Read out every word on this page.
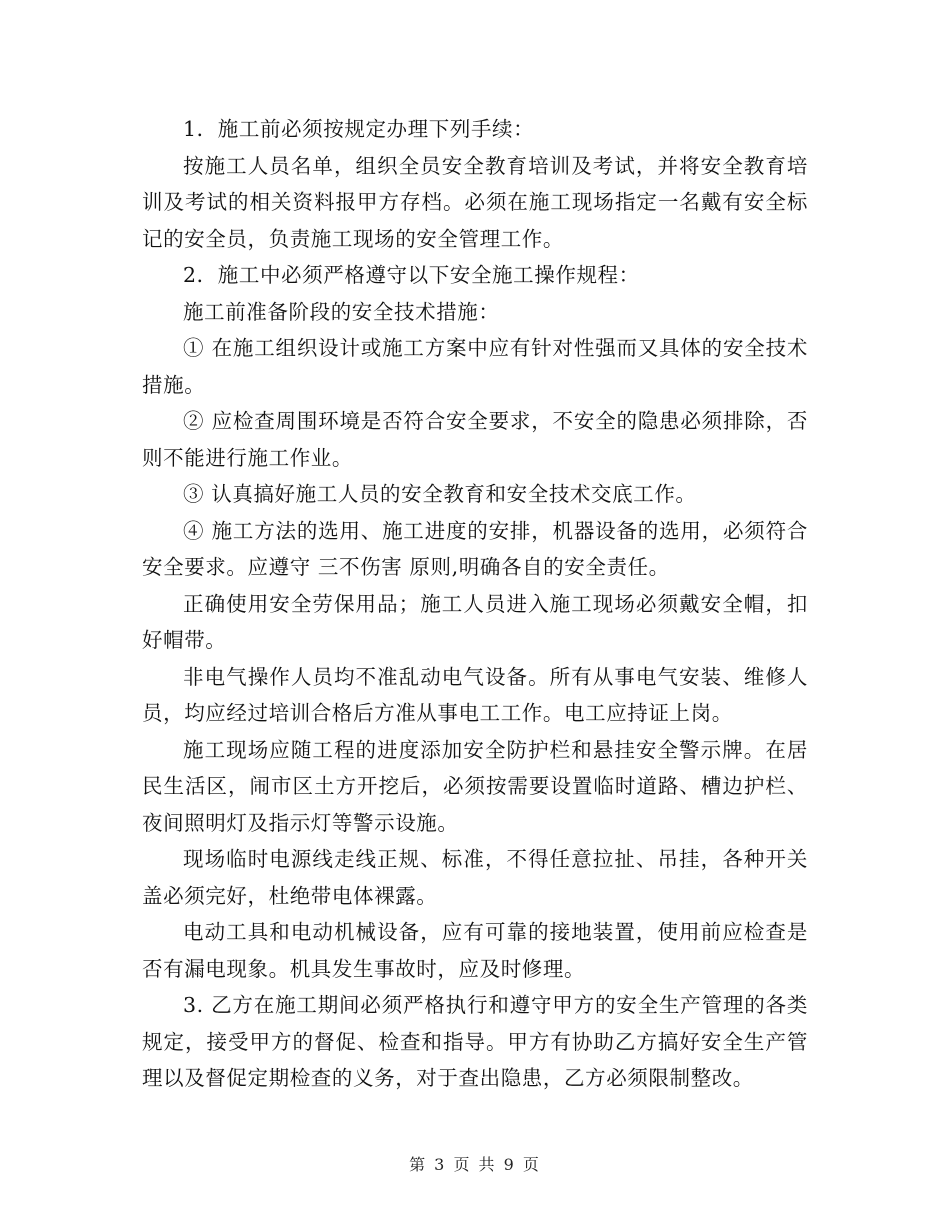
1．施工前必须按规定办理下列手续：

按施工人员名单，组织全员安全教育培训及考试，并将安全教育培训及考试的相关资料报甲方存档。必须在施工现场指定一名戴有安全标记的安全员，负责施工现场的安全管理工作。

2．施工中必须严格遵守以下安全施工操作规程：

施工前准备阶段的安全技术措施：

① 在施工组织设计或施工方案中应有针对性强而又具体的安全技术措施。

② 应检查周围环境是否符合安全要求，不安全的隐患必须排除，否则不能进行施工作业。

③ 认真搞好施工人员的安全教育和安全技术交底工作。

④ 施工方法的选用、施工进度的安排，机器设备的选用，必须符合安全要求。应遵守 三不伤害 原则,明确各自的安全责任。

正确使用安全劳保用品；施工人员进入施工现场必须戴安全帽，扣好帽带。

非电气操作人员均不准乱动电气设备。所有从事电气安装、维修人员，均应经过培训合格后方准从事电工工作。电工应持证上岗。

施工现场应随工程的进度添加安全防护栏和悬挂安全警示牌。在居民生活区，闹市区土方开挖后，必须按需要设置临时道路、槽边护栏、夜间照明灯及指示灯等警示设施。

现场临时电源线走线正规、标准，不得任意拉扯、吊挂，各种开关盖必须完好，杜绝带电体裸露。

电动工具和电动机械设备，应有可靠的接地装置，使用前应检查是否有漏电现象。机具发生事故时，应及时修理。

3. 乙方在施工期间必须严格执行和遵守甲方的安全生产管理的各类规定，接受甲方的督促、检查和指导。甲方有协助乙方搞好安全生产管理以及督促定期检查的义务，对于查出隐患，乙方必须限制整改。

第 3 页 共 9 页
